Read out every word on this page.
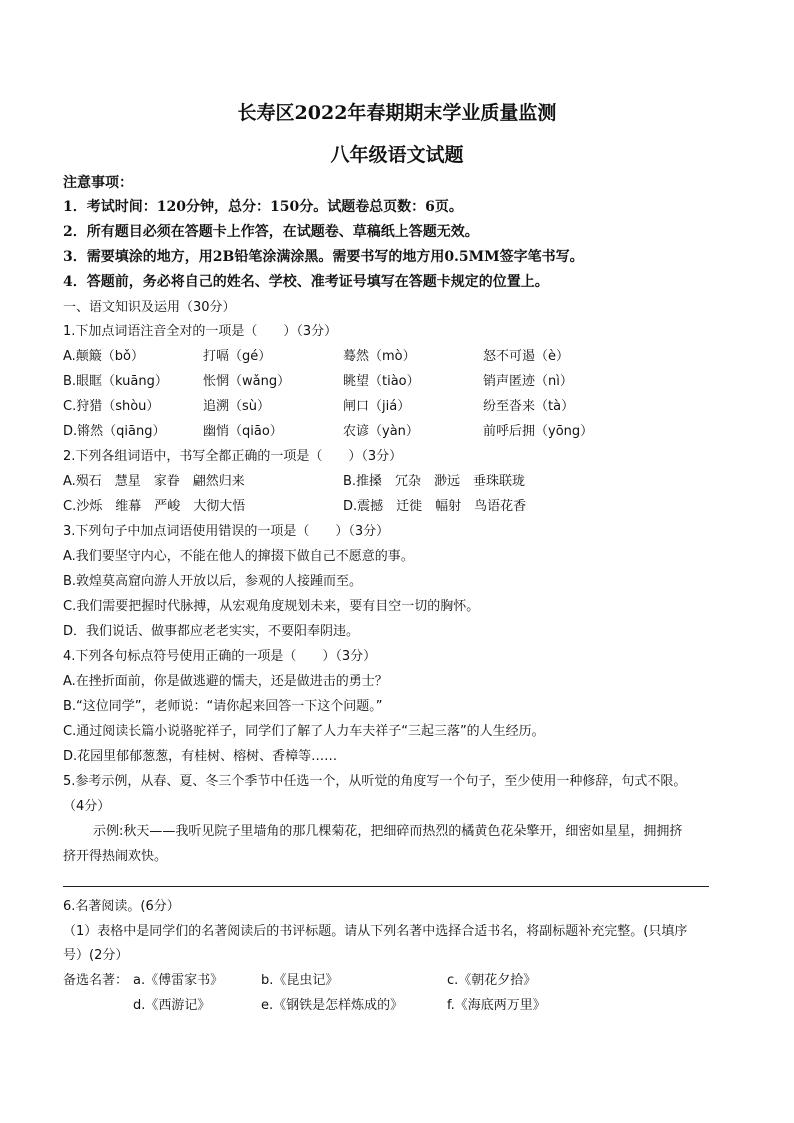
长寿区2022年春期期末学业质量监测
八年级语文试题
注意事项：
1．考试时间：120分钟，总分：150分。试题卷总页数：6页。
2．所有题目必须在答题卡上作答，在试题卷、草稿纸上答题无效。
3．需要填涂的地方，用2B铅笔涂满涂黑。需要书写的地方用0.5MM签字笔书写。
4．答题前，务必将自己的姓名、学校、准考证号填写在答题卡规定的位置上。
一、语文知识及运用（30分）
1.下加点词语注音全对的一项是（　　）（3分）
A.颠簸（bǒ）	打嗝（gé）	蓦然（mò）	怒不可遏（è）
B.眼眶（kuāng）	怅惘（wǎng）	眺望（tiào）	销声匿迹（nì）
C.狩猎（shòu）	追溯（sù）	闸口（jiá）	纷至沓来（tà）
D.锵然（qiāng）	幽悄（qiāo）	农谚（yàn）	前呼后拥（yōng）
2.下列各组词语中，书写全都正确的一项是（　　）（3分）
A.殒石　慧星　家眷　翩然归来	B.推搡　冗杂　渺远　垂珠联珑
C.沙烁　维幕　严峻　大彻大悟	D.震撼　迁徙　幅射　鸟语花香
3.下列句子中加点词语使用错误的一项是（　　）（3分）
A.我们要坚守内心，不能在他人的撺掇下做自己不愿意的事。
B.敦煌莫高窟向游人开放以后，参观的人接踵而至。
C.我们需要把握时代脉搏，从宏观角度规划未来，要有目空一切的胸怀。
D．我们说话、做事都应老老实实，不要阳奉阴违。
4.下列各句标点符号使用正确的一项是（　　）（3分）
A.在挫折面前，你是做逃避的懦夫，还是做进击的勇士？
B.“这位同学”，老师说：“请你起来回答一下这个问题。”
C.通过阅读长篇小说骆驼祥子，同学们了解了人力车夫祥子“三起三落”的人生经历。
D.花园里郁郁葱葱，有桂树、榕树、香樟等……
5.参考示例，从春、夏、冬三个季节中任选一个，从听觉的角度写一个句子，至少使用一种修辞，句式不限。
（4分）
示例:秋天——我听见院子里墙角的那几棵菊花，把细碎而热烈的橘黄色花朵擎开，细密如星星，拥拥挤
挤开得热闹欢快。
6.名著阅读。(6分）
（1）表格中是同学们的名著阅读后的书评标题。请从下列名著中选择合适书名，将副标题补充完整。(只填序
号）(2分）
备选名著： a.《傅雷家书》	b.《昆虫记》	c.《朝花夕拾》
d.《西游记》	e.《钢铁是怎样炼成的》	f.《海底两万里》
